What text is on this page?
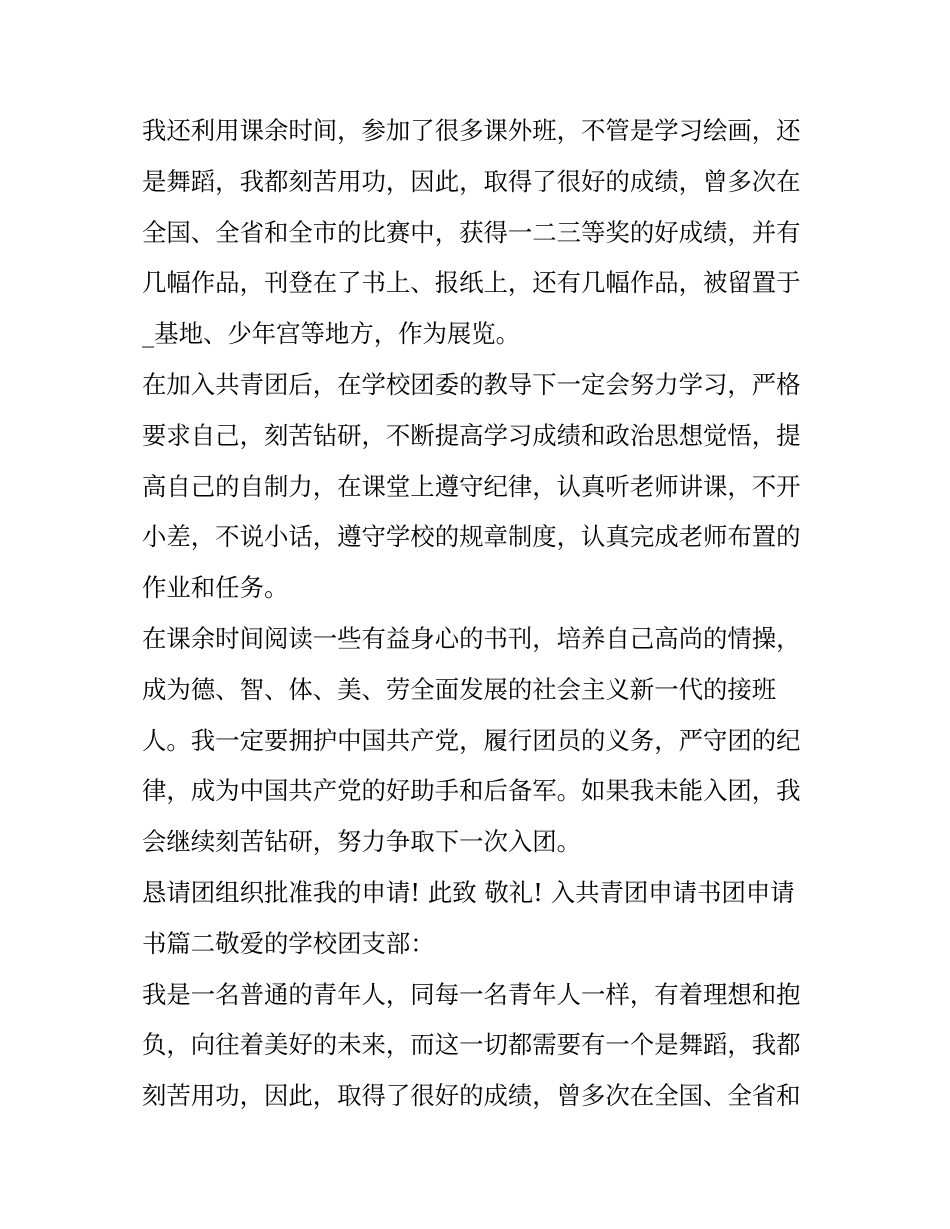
我还利用课余时间，参加了很多课外班，不管是学习绘画，还
是舞蹈，我都刻苦用功，因此，取得了很好的成绩，曾多次在
全国、全省和全市的比赛中，获得一二三等奖的好成绩，并有
几幅作品，刊登在了书上、报纸上，还有几幅作品，被留置于
_基地、少年宫等地方，作为展览。
在加入共青团后，在学校团委的教导下一定会努力学习，严格
要求自己，刻苦钻研，不断提高学习成绩和政治思想觉悟，提
高自己的自制力，在课堂上遵守纪律，认真听老师讲课，不开
小差，不说小话，遵守学校的规章制度，认真完成老师布置的
作业和任务。
在课余时间阅读一些有益身心的书刊，培养自己高尚的情操，
成为德、智、体、美、劳全面发展的社会主义新一代的接班
人。我一定要拥护中国共产党，履行团员的义务，严守团的纪
律，成为中国共产党的好助手和后备军。如果我未能入团，我
会继续刻苦钻研，努力争取下一次入团。
恳请团组织批准我的申请! 此致 敬礼! 入共青团申请书团申请
书篇二敬爱的学校团支部：
我是一名普通的青年人，同每一名青年人一样，有着理想和抱
负，向往着美好的未来，而这一切都需要有一个是舞蹈，我都
刻苦用功，因此，取得了很好的成绩，曾多次在全国、全省和
